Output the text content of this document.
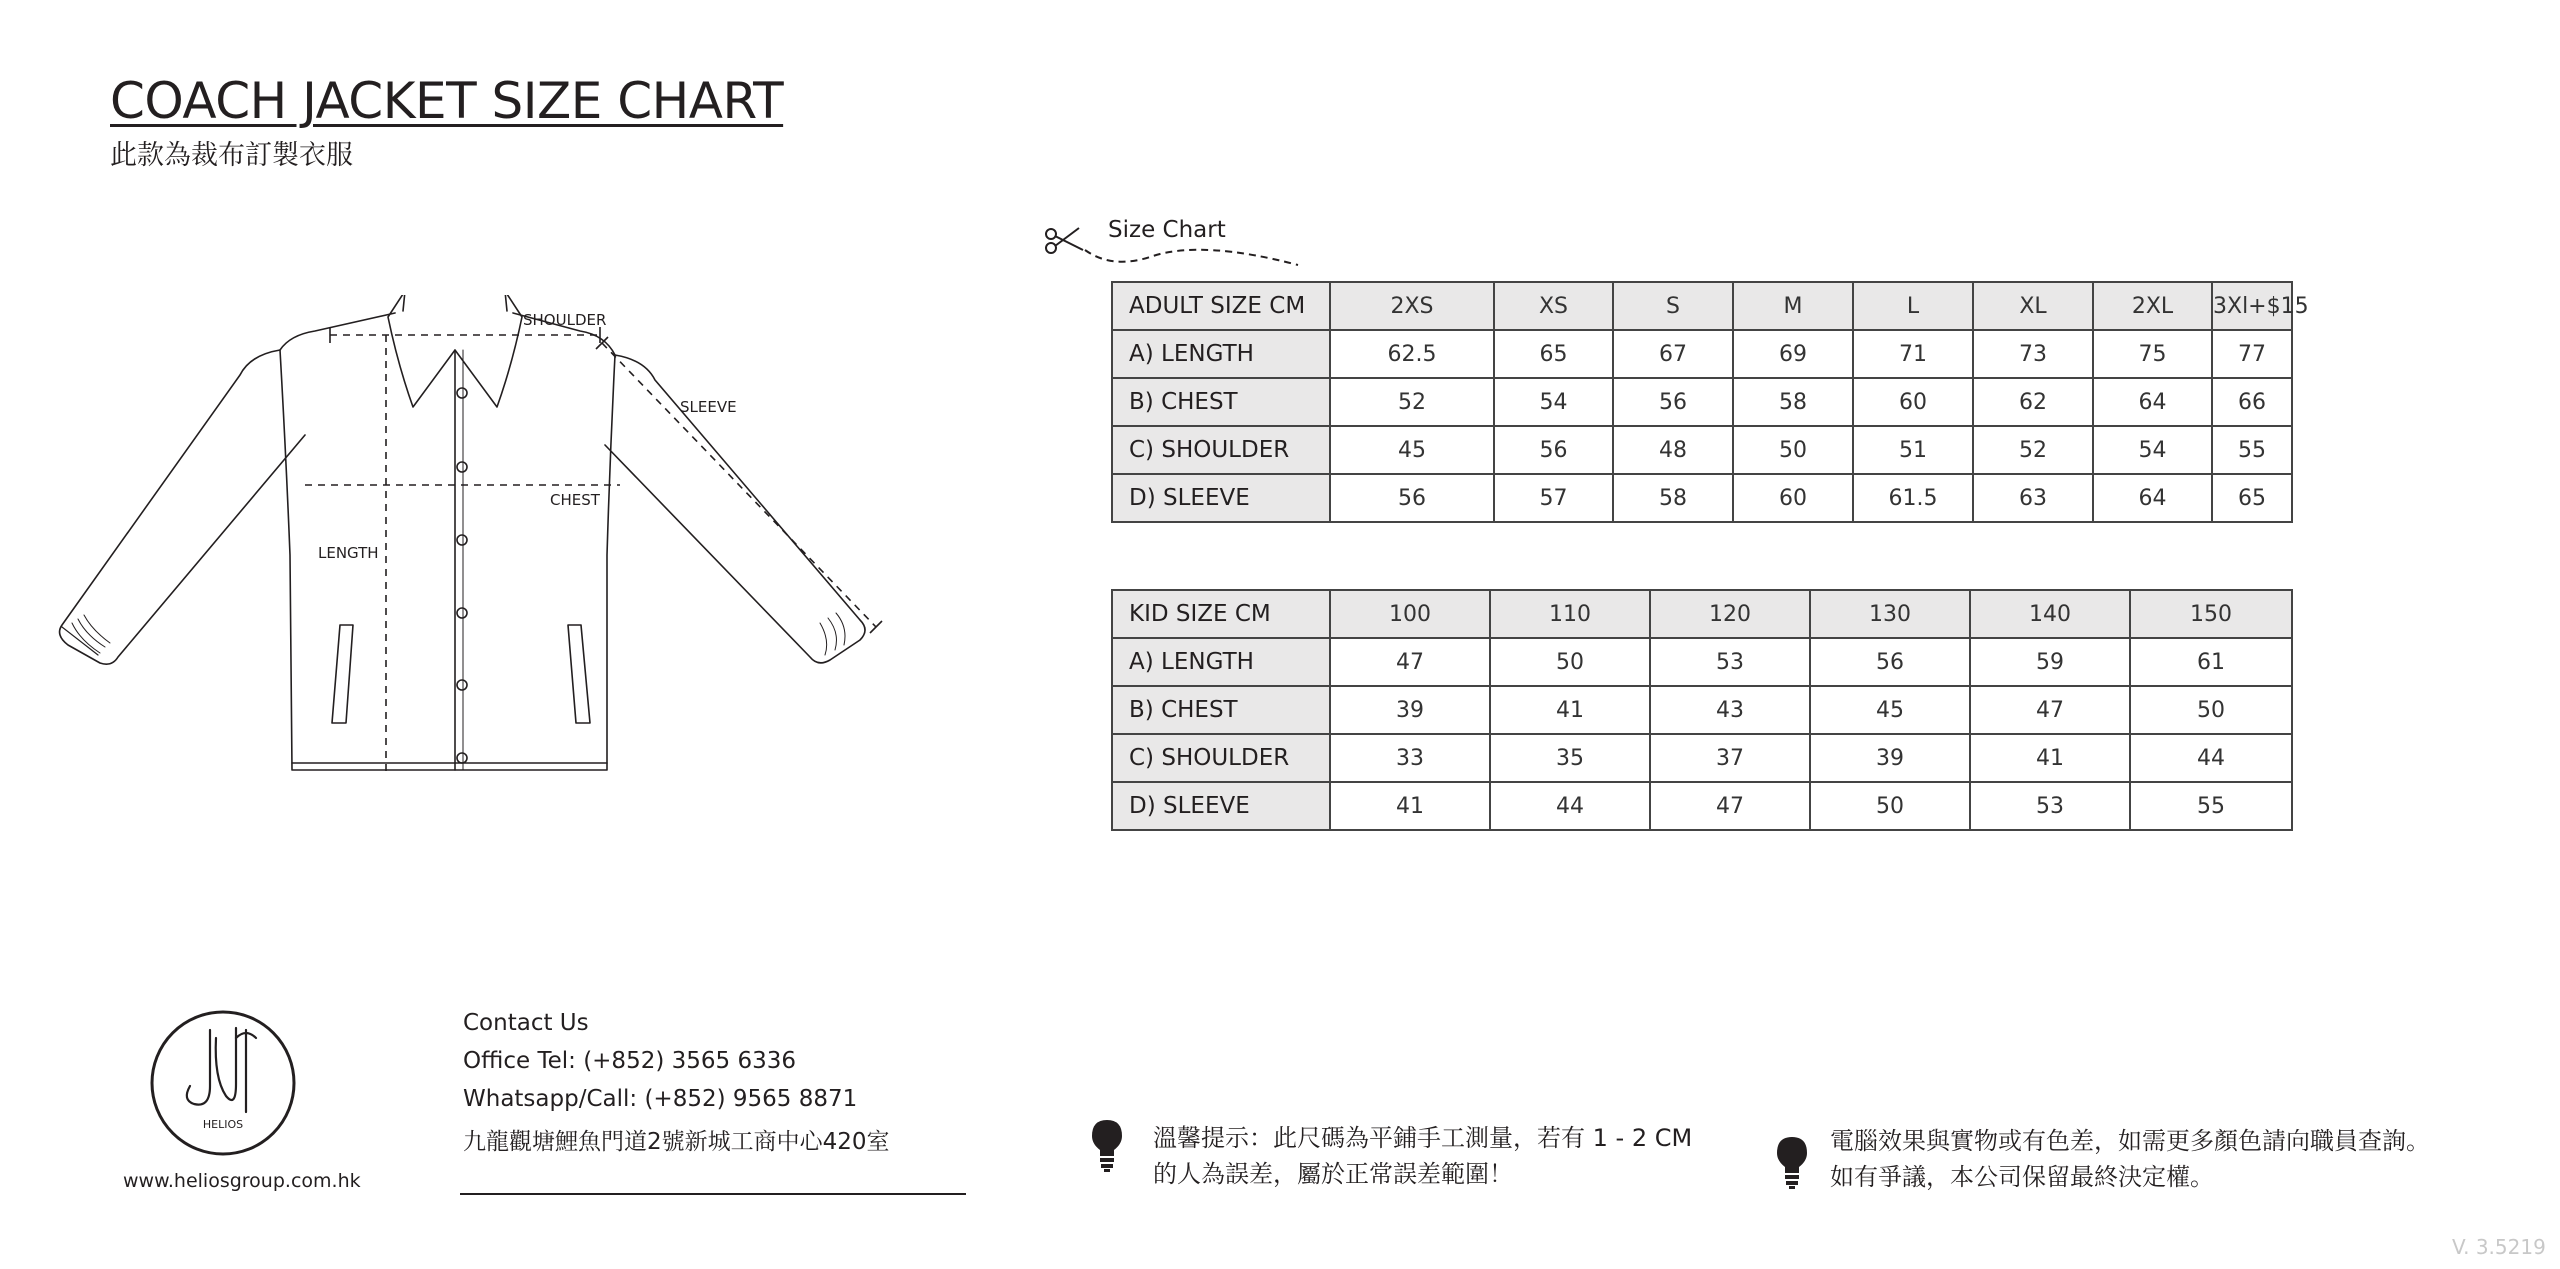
COACH JACKET SIZE CHART
此款為裁布訂製衣服
SHOULDER
SLEEVE
CHEST
LENGTH
Size Chart
ADULT SIZE CM	2XS	XS	S	M	L	XL	2XL	3Xl+$15
A) LENGTH	62.5	65	67	69	71	73	75	77
B) CHEST	52	54	56	58	60	62	64	66
C) SHOULDER	45	56	48	50	51	52	54	55
D) SLEEVE	56	57	58	60	61.5	63	64	65
KID SIZE CM	100	110	120	130	140	150
A) LENGTH	47	50	53	56	59	61
B) CHEST	39	41	43	45	47	50
C) SHOULDER	33	35	37	39	41	44
D) SLEEVE	41	44	47	50	53	55
HELIOS
www.heliosgroup.com.hk
Contact Us
Office Tel: (+852) 3565 6336
Whatsapp/Call: (+852) 9565 8871
九龍觀塘鯉魚門道2號新城工商中心420室	溫馨提示：此尺碼為平鋪手工測量，若有 1 - 2 CM
的人為誤差，屬於正常誤差範圍！
電腦效果與實物或有色差，如需更多顏色請向職員查詢。
如有爭議，本公司保留最終決定權。
V. 3.5219
